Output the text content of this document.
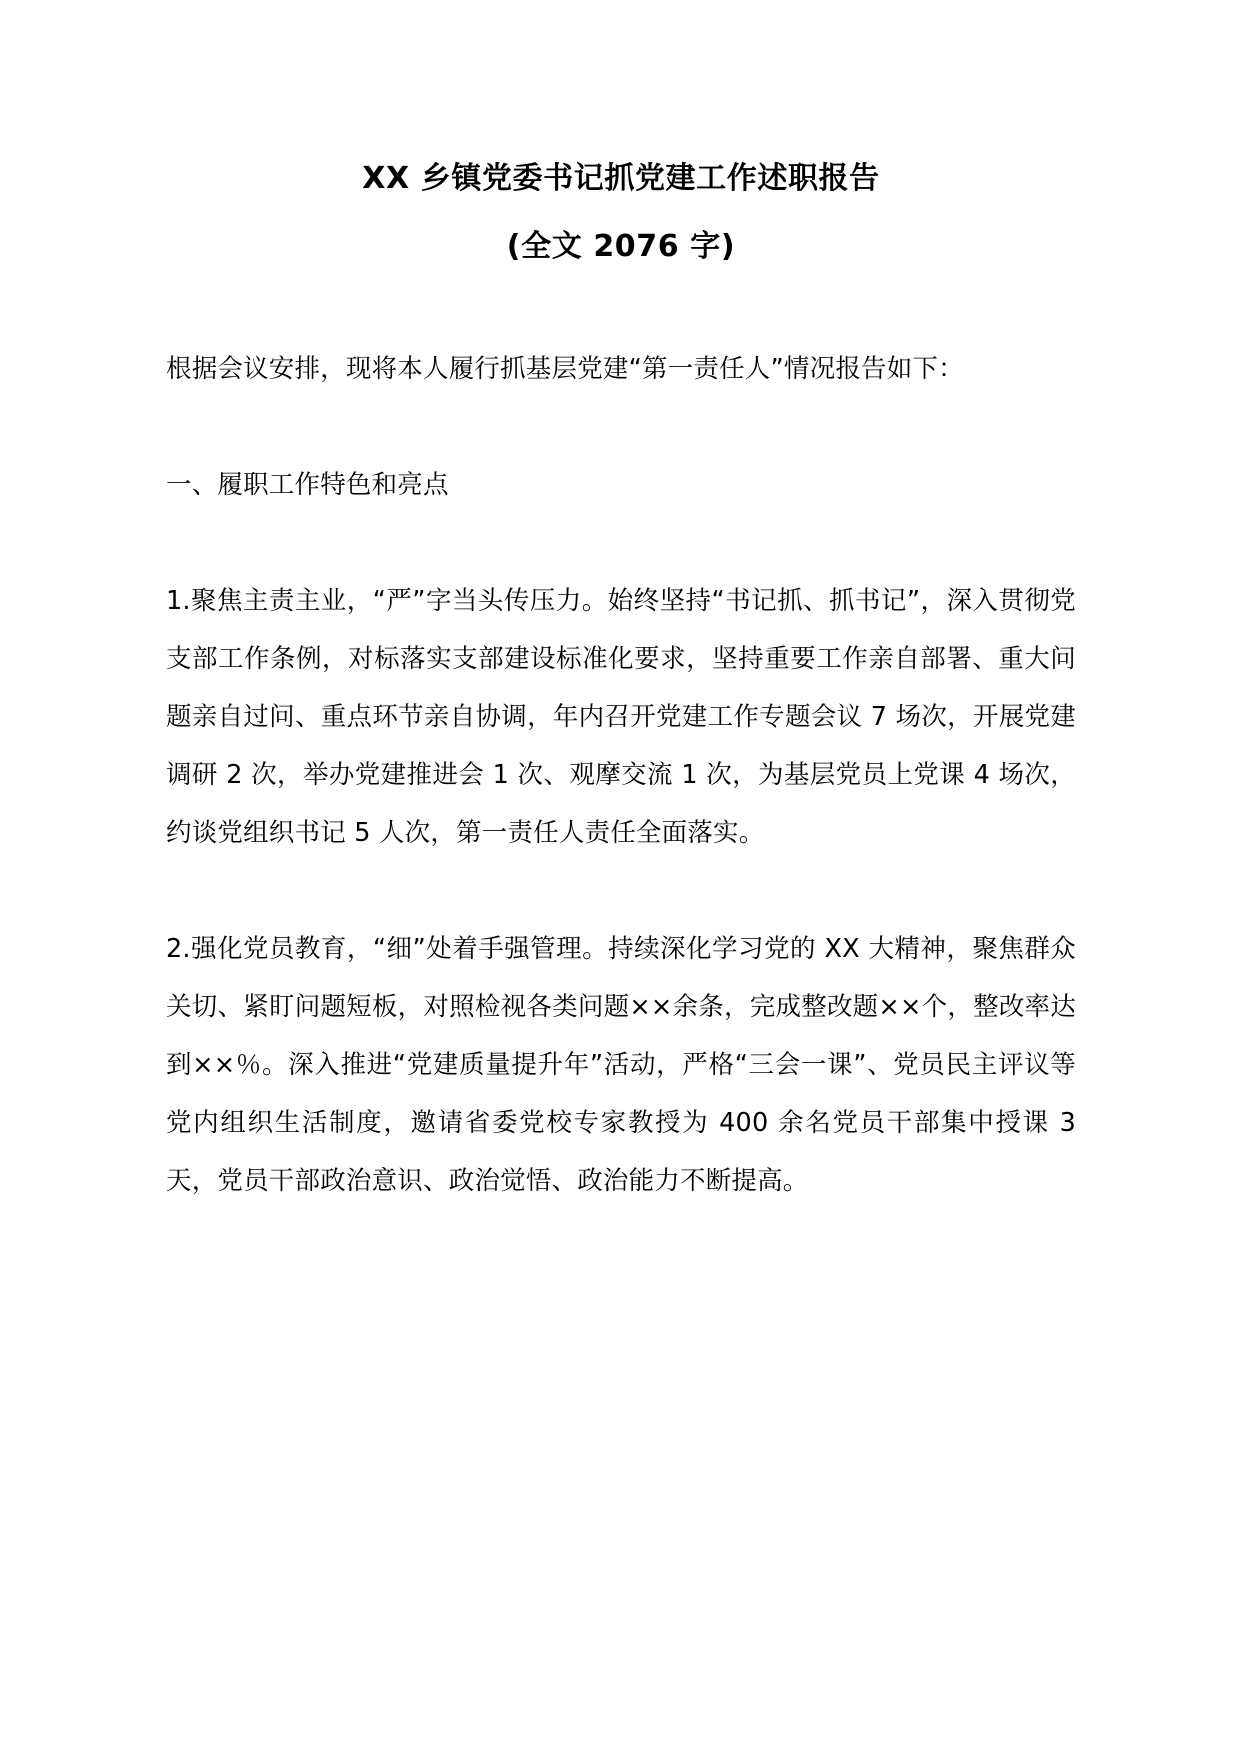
XX 乡镇党委书记抓党建工作述职报告
(全文 2076 字)

根据会议安排，现将本人履行抓基层党建“第一责任人”情况报告如下：

一、履职工作特色和亮点

1.聚焦主责主业，“严”字当头传压力。始终坚持“书记抓、抓书记”，深入贯彻党支部工作条例，对标落实支部建设标准化要求，坚持重要工作亲自部署、重大问题亲自过问、重点环节亲自协调，年内召开党建工作专题会议 7 场次，开展党建调研 2 次，举办党建推进会 1 次、观摩交流 1 次，为基层党员上党课 4 场次，约谈党组织书记 5 人次，第一责任人责任全面落实。

2.强化党员教育，“细”处着手强管理。持续深化学习党的 XX 大精神，聚焦群众关切、紧盯问题短板，对照检视各类问题××余条，完成整改题××个，整改率达到××％。深入推进“党建质量提升年”活动，严格“三会一课”、党员民主评议等党内组织生活制度，邀请省委党校专家教授为 400 余名党员干部集中授课 3 天，党员干部政治意识、政治觉悟、政治能力不断提高。
